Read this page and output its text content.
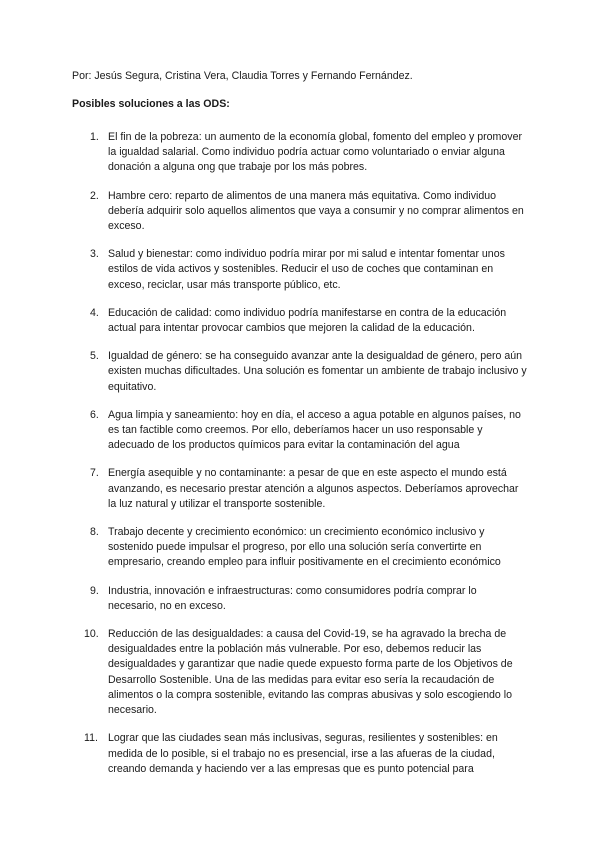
Por: Jesús Segura, Cristina Vera, Claudia Torres y Fernando Fernández.
Posibles soluciones a las ODS:
1. El fin de la pobreza: un aumento de la economía global, fomento del empleo y promover la igualdad salarial. Como individuo podría actuar como voluntariado o enviar alguna donación a alguna ong que trabaje por los más pobres.
2. Hambre cero: reparto de alimentos de una manera más equitativa. Como individuo debería adquirir solo aquellos alimentos que vaya a consumir y no comprar alimentos en exceso.
3. Salud y bienestar: como individuo podría mirar por mi salud e intentar fomentar unos estilos de vida activos y sostenibles. Reducir el uso de coches que contaminan en exceso, reciclar, usar más transporte público, etc.
4. Educación de calidad: como individuo podría manifestarse en contra de la educación actual para intentar provocar cambios que mejoren la calidad de la educación.
5. Igualdad de género: se ha conseguido avanzar ante la desigualdad de género, pero aún existen muchas dificultades. Una solución es fomentar un ambiente de trabajo inclusivo y equitativo.
6. Agua limpia y saneamiento: hoy en día, el acceso a agua potable en algunos países, no es tan factible como creemos. Por ello, deberíamos hacer un uso responsable y adecuado de los productos químicos para evitar la contaminación del agua
7. Energía asequible y no contaminante: a pesar de que en este aspecto el mundo está avanzando, es necesario prestar atención a algunos aspectos. Deberíamos aprovechar la luz natural y utilizar el transporte sostenible.
8. Trabajo decente y crecimiento económico: un crecimiento económico inclusivo y sostenido puede impulsar el progreso, por ello una solución sería convertirte en empresario, creando empleo para influir positivamente en el crecimiento económico
9. Industria, innovación e infraestructuras: como consumidores podría comprar lo necesario, no en exceso.
10. Reducción de las desigualdades: a causa del Covid-19, se ha agravado la brecha de desigualdades entre la población más vulnerable. Por eso, debemos reducir las desigualdades y garantizar que nadie quede expuesto forma parte de los Objetivos de Desarrollo Sostenible. Una de las medidas para evitar eso sería la recaudación de alimentos o la compra sostenible, evitando las compras abusivas y solo escogiendo lo necesario.
11. Lograr que las ciudades sean más inclusivas, seguras, resilientes y sostenibles: en medida de lo posible, si el trabajo no es presencial, irse a las afueras de la ciudad, creando demanda y haciendo ver a las empresas que es punto potencial para
